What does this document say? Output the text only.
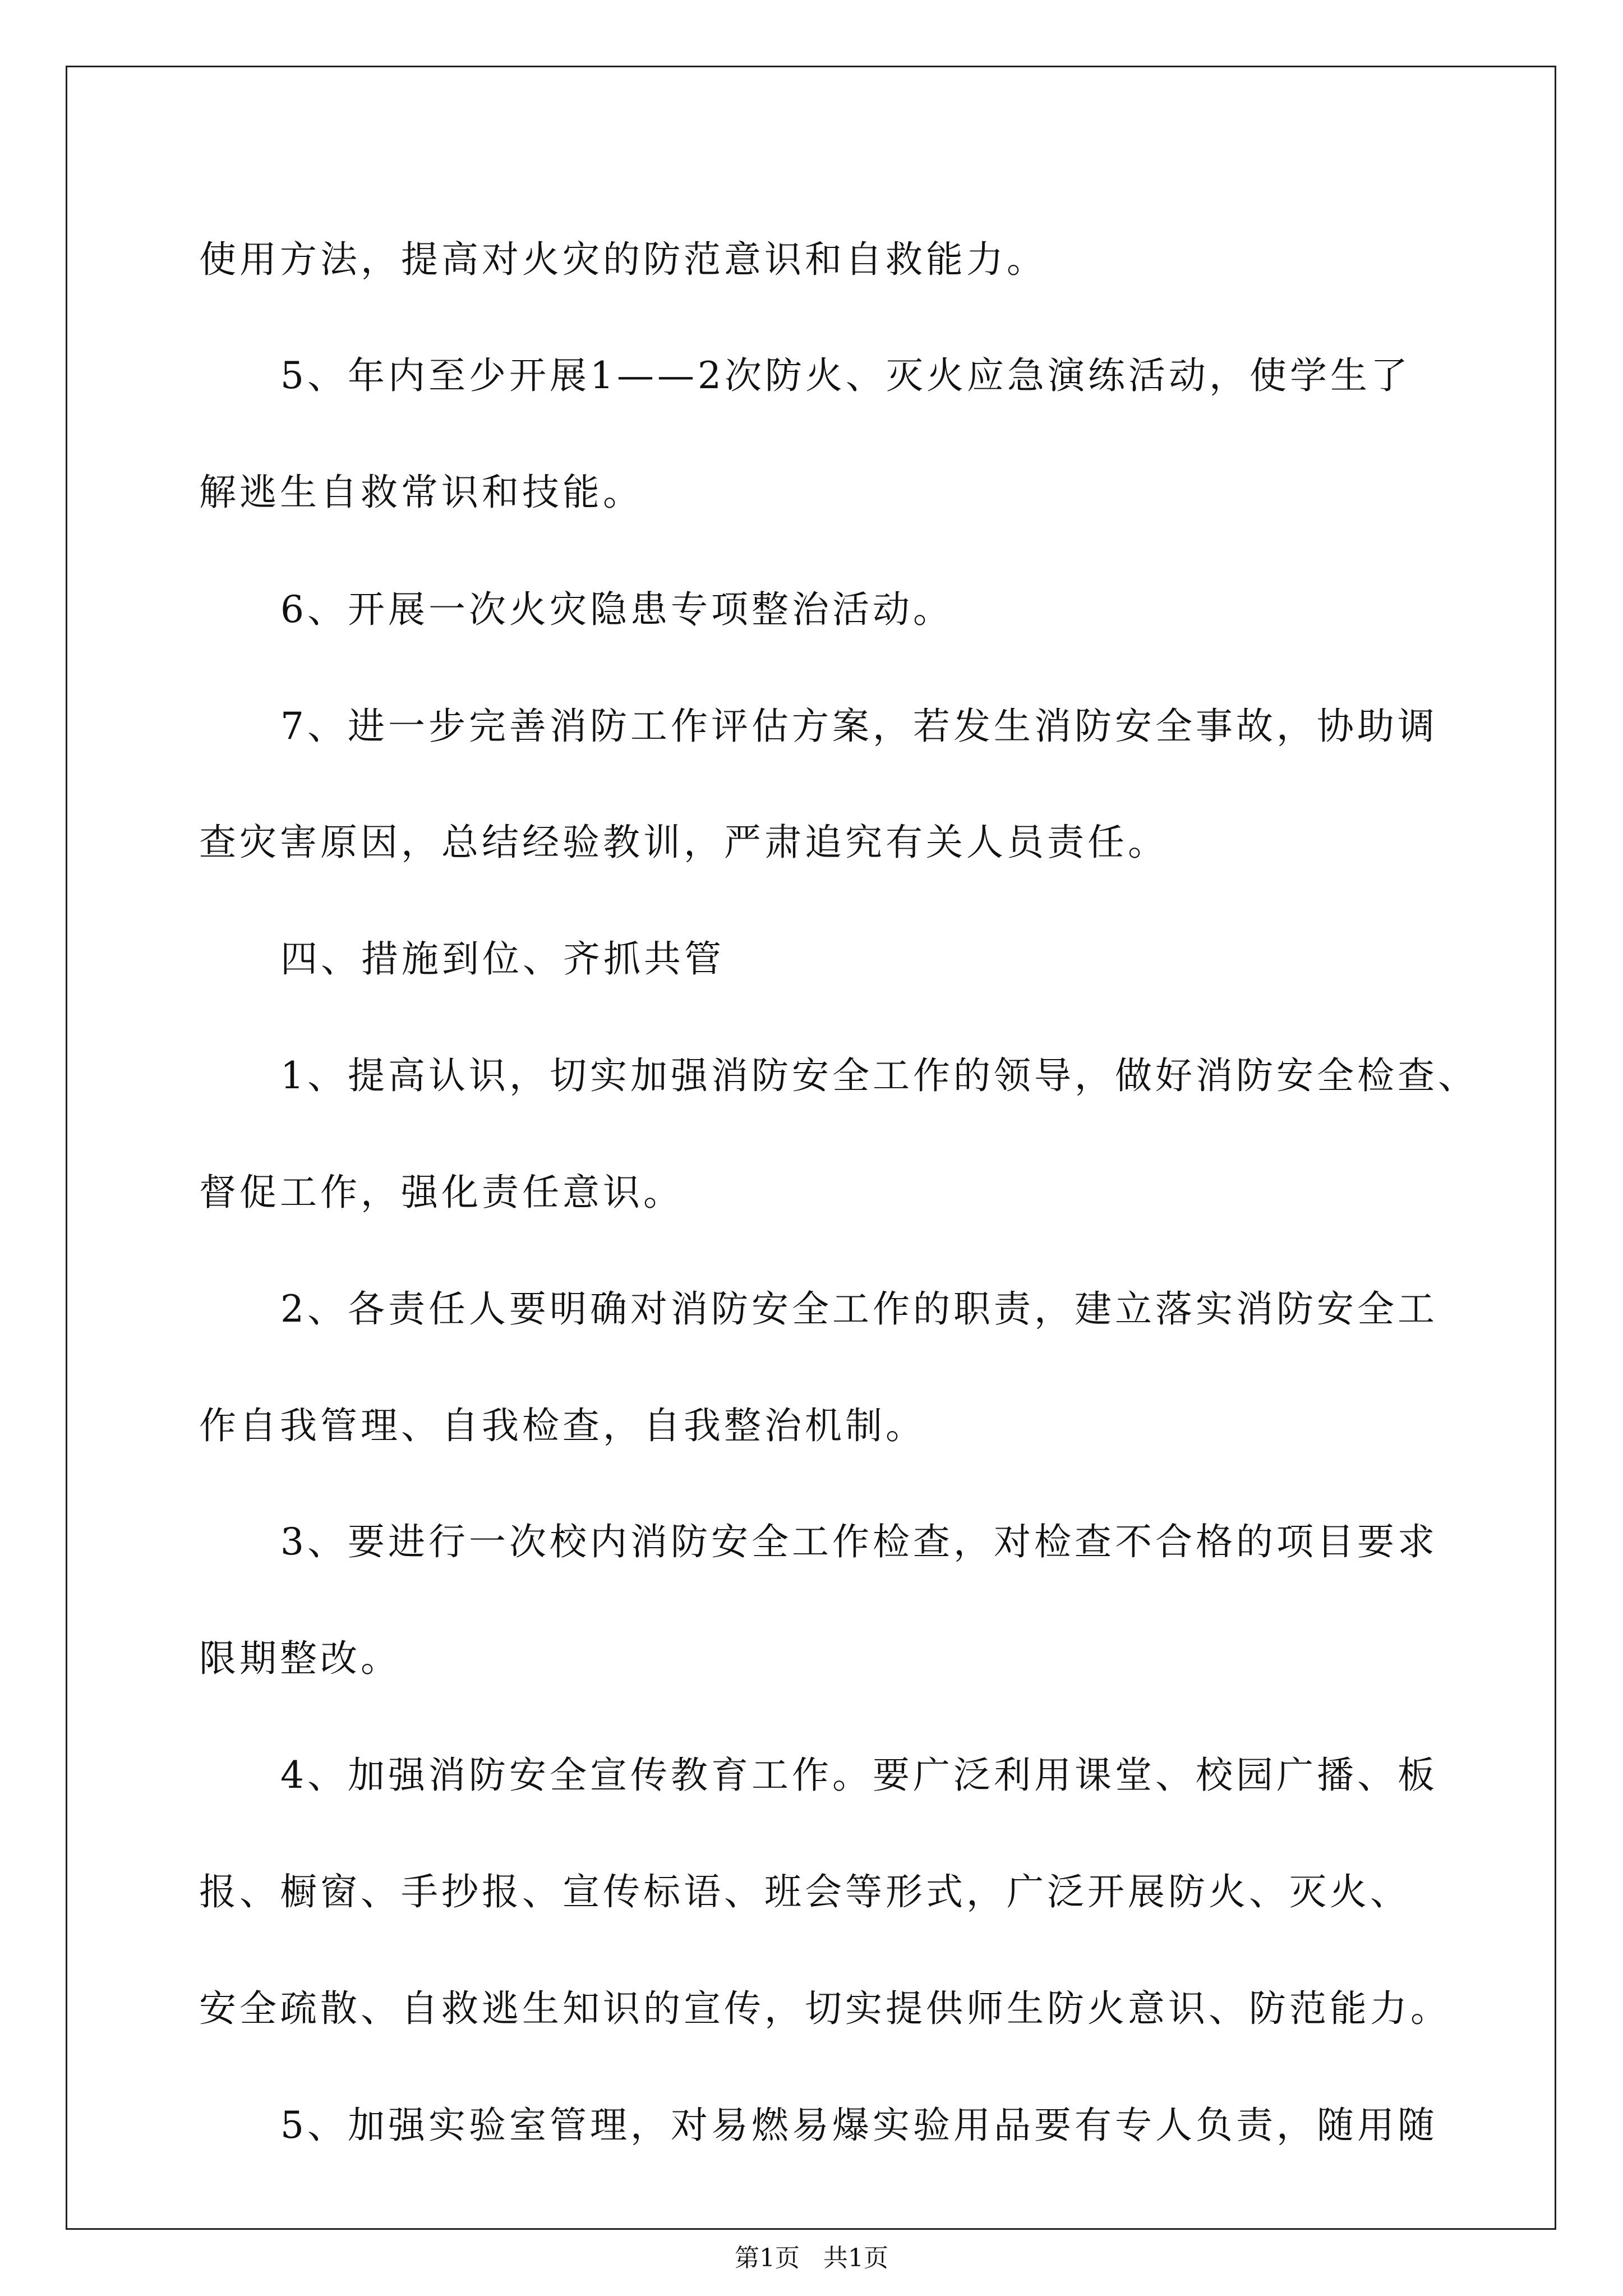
使用方法，提高对火灾的防范意识和自救能力。
5、年内至少开展1——2次防火、灭火应急演练活动，使学生了
解逃生自救常识和技能。
6、开展一次火灾隐患专项整治活动。
7、进一步完善消防工作评估方案，若发生消防安全事故，协助调
查灾害原因，总结经验教训，严肃追究有关人员责任。
四、措施到位、齐抓共管
1、提高认识，切实加强消防安全工作的领导，做好消防安全检查、
督促工作，强化责任意识。
2、各责任人要明确对消防安全工作的职责，建立落实消防安全工
作自我管理、自我检查，自我整治机制。
3、要进行一次校内消防安全工作检查，对检查不合格的项目要求
限期整改。
4、加强消防安全宣传教育工作。要广泛利用课堂、校园广播、板
报、橱窗、手抄报、宣传标语、班会等形式，广泛开展防火、灭火、
安全疏散、自救逃生知识的宣传，切实提供师生防火意识、防范能力。
5、加强实验室管理，对易燃易爆实验用品要有专人负责，随用随
第1页   共1页
